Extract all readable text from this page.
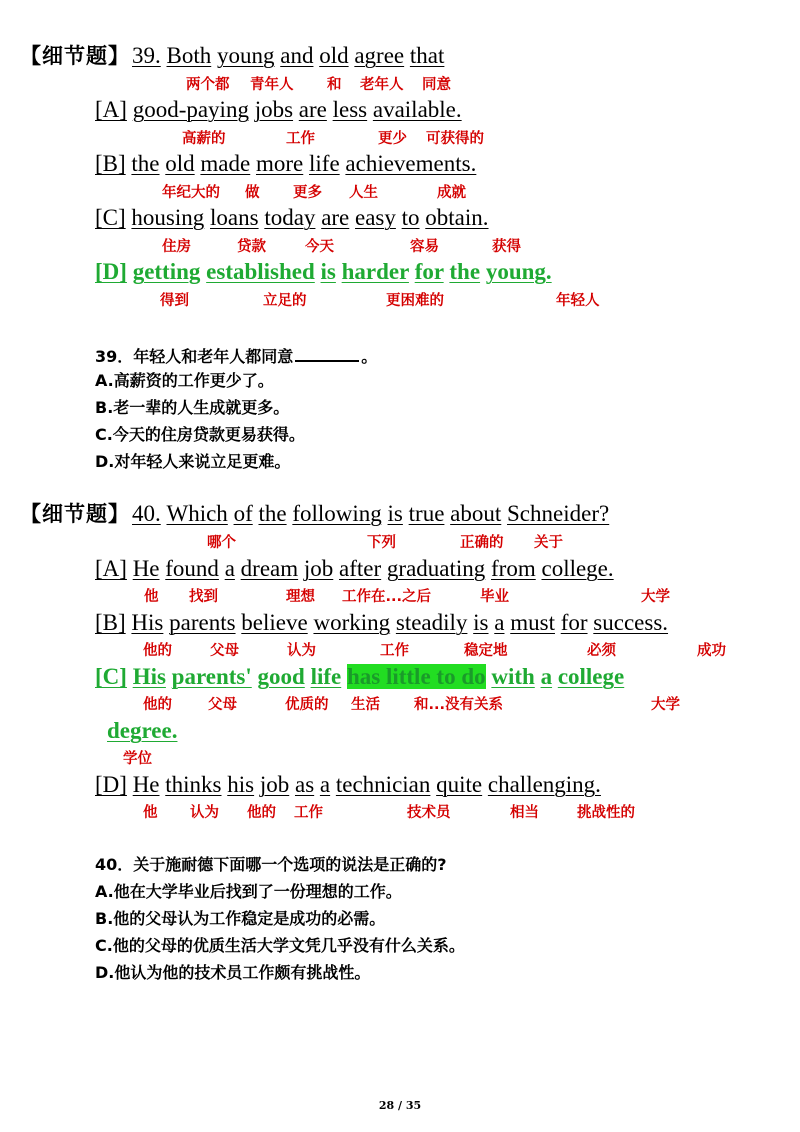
【细节题】39. Both young and old agree that
两个都 青年人 和 老年人 同意
[A] good-paying jobs are less available.
高薪的	工作	更少 可获得的
[B] the old made more life achievements.
年纪大的 做 更多 人生	成就
[C] housing loans today are easy to obtain.
住房	贷款	今天	容易	获得
[D] getting established is harder for the young.
得到	立足的	更困难的	年轻人
39．年轻人和老年人都同意	。
A.高薪资的工作更少了。
B.老一辈的人生成就更多。
C.今天的住房贷款更易获得。
D.对年轻人来说立足更难。
【细节题】40. Which of the following is true about Schneider?
哪个	下列	正确的 关于
[A] He found a dream job after graduating from college.
他 找到	理想 工作在...之后	毕业	大学
[B] His parents believe working steadily is a must for success.
他的	父母	认为	工作	稳定地	必须	成功
[C] His parents' good life has little to do with a college
他的 父母	优质的 生活 和...没有关系	大学
degree.
学位
[D] He thinks his job as a technician quite challenging.
他 认为 他的 工作	技术员	相当	挑战性的
40．关于施耐德下面哪一个选项的说法是正确的?
A.他在大学毕业后找到了一份理想的工作。
B.他的父母认为工作稳定是成功的必需。
C.他的父母的优质生活大学文凭几乎没有什么关系。
D.他认为他的技术员工作颇有挑战性。
28 / 35
